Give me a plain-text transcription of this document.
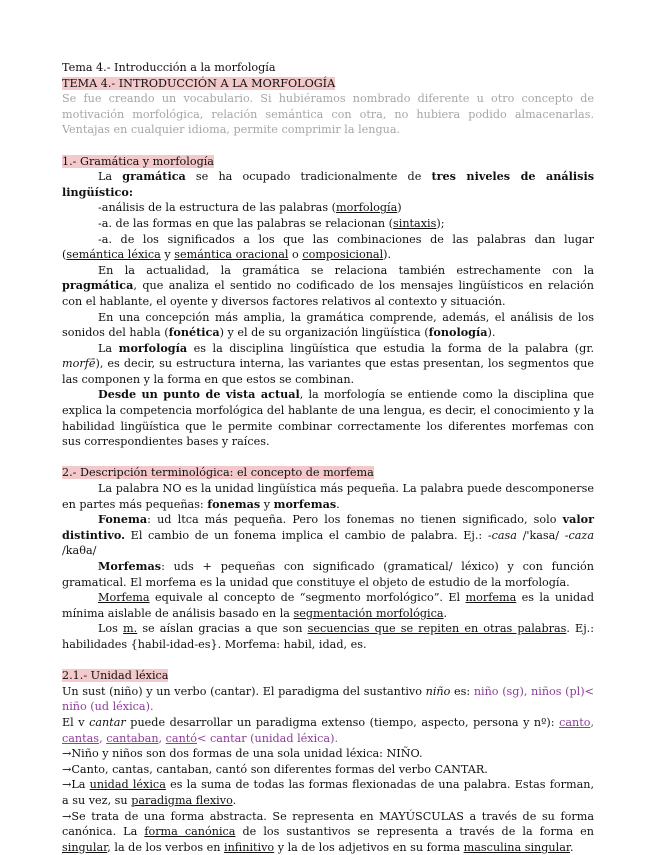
Tema 4.- Introducción a la morfología

TEMA 4.- INTRODUCCIÓN A LA MORFOLOGÍA

Se fue creando un vocabulario. Si hubiéramos nombrado diferente u otro concepto de motivación morfológica, relación semántica con otra, no hubiera podido almacenarlas. Ventajas en cualquier idioma, permite comprimir la lengua.

1.- Gramática y morfología

La gramática se ha ocupado tradicionalmente de tres niveles de análisis lingüístico:

-análisis de la estructura de las palabras (morfología)

-a. de las formas en que las palabras se relacionan (sintaxis);

-a. de los significados a los que las combinaciones de las palabras dan lugar (semántica léxica y semántica oracional o composicional).

En la actualidad, la gramática se relaciona también estrechamente con la pragmática, que analiza el sentido no codificado de los mensajes lingüísticos en relación con el hablante, el oyente y diversos factores relativos al contexto y situación.

En una concepción más amplia, la gramática comprende, además, el análisis de los sonidos del habla (fonética) y el de su organización lingüística (fonología).

La morfología es la disciplina lingüística que estudia la forma de la palabra (gr. morfē), es decir, su estructura interna, las variantes que estas presentan, los segmentos que las componen y la forma en que estos se combinan.

Desde un punto de vista actual, la morfología se entiende como la disciplina que explica la competencia morfológica del hablante de una lengua, es decir, el conocimiento y la habilidad lingüística que le permite combinar correctamente los diferentes morfemas con sus correspondientes bases y raíces.

2.- Descripción terminológica: el concepto de morfema

La palabra NO es la unidad lingüística más pequeña. La palabra puede descomponerse en partes más pequeñas: fonemas y morfemas.

Fonema: ud ltca más pequeña. Pero los fonemas no tienen significado, solo valor distintivo. El cambio de un fonema implica el cambio de palabra. Ej.: -casa /'kasa/ -caza /kaθa/

Morfemas: uds + pequeñas con significado (gramatical/ léxico) y con función gramatical. El morfema es la unidad que constituye el objeto de estudio de la morfología.

Morfema equivale al concepto de “segmento morfológico”. El morfema es la unidad mínima aislable de análisis basado en la segmentación morfológica.

Los m. se aíslan gracias a que son secuencias que se repiten en otras palabras. Ej.: habilidades {habil-idad-es}. Morfema: habil, idad, es.

2.1.- Unidad léxica

Un sust (niño) y un verbo (cantar). El paradigma del sustantivo niño es: niño (sg), niños (pl)< niño (ud léxica).

El v cantar puede desarrollar un paradigma extenso (tiempo, aspecto, persona y nº): canto, cantas, cantaban, cantó< cantar (unidad léxica).

→Niño y niños son dos formas de una sola unidad léxica: NIÑO.

→Canto, cantas, cantaban, cantó son diferentes formas del verbo CANTAR.

→La unidad léxica es la suma de todas las formas flexionadas de una palabra. Estas forman, a su vez, su paradigma flexivo.

→Se trata de una forma abstracta. Se representa en MAYÚSCULAS a través de su forma canónica. La forma canónica de los sustantivos se representa a través de la forma en singular, la de los verbos en infinitivo y la de los adjetivos en su forma masculina singular.
